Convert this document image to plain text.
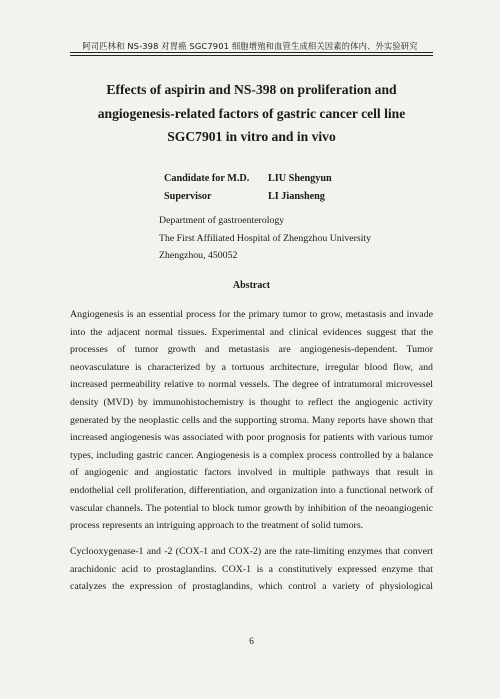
阿司匹林和 NS-398 对胃癌 SGC7901 细胞增殖和血管生成相关因素的体内、外实验研究
Effects of aspirin and NS-398 on proliferation and
angiogenesis-related factors of gastric cancer cell line
SGC7901 in vitro and in vivo
Candidate for M.D.	LIU Shengyun
Supervisor	LI Jiansheng
Department of gastroenterology
The First Affiliated Hospital of Zhengzhou University
Zhengzhou, 450052
Abstract
Angiogenesis is an essential process for the primary tumor to grow, metastasis and invade
into the adjacent normal tissues. Experimental and clinical evidences suggest that the
processes of tumor growth and metastasis are angiogenesis-dependent. Tumor
neovasculature is characterized by a tortuous architecture, irregular blood flow, and
increased permeability relative to normal vessels. The degree of intratumoral microvessel
density (MVD) by immunohistochemistry is thought to reflect the angiogenic activity
generated by the neoplastic cells and the supporting stroma. Many reports have shown that
increased angiogenesis was associated with poor prognosis for patients with various tumor
types, including gastric cancer. Angiogenesis is a complex process controlled by a balance
of angiogenic and angiostatic factors involved in multiple pathways that result in
endothelial cell proliferation, differentiation, and organization into a functional network of
vascular channels. The potential to block tumor growth by inhibition of the neoangiogenic
process represents an intriguing approach to the treatment of solid tumors.
Cyclooxygenase-1 and -2 (COX-1 and COX-2) are the rate-limiting enzymes that convert
arachidonic acid to prostaglandins. COX-1 is a constitutively expressed enzyme that
catalyzes the expression of prostaglandins, which control a variety of physiological
6
